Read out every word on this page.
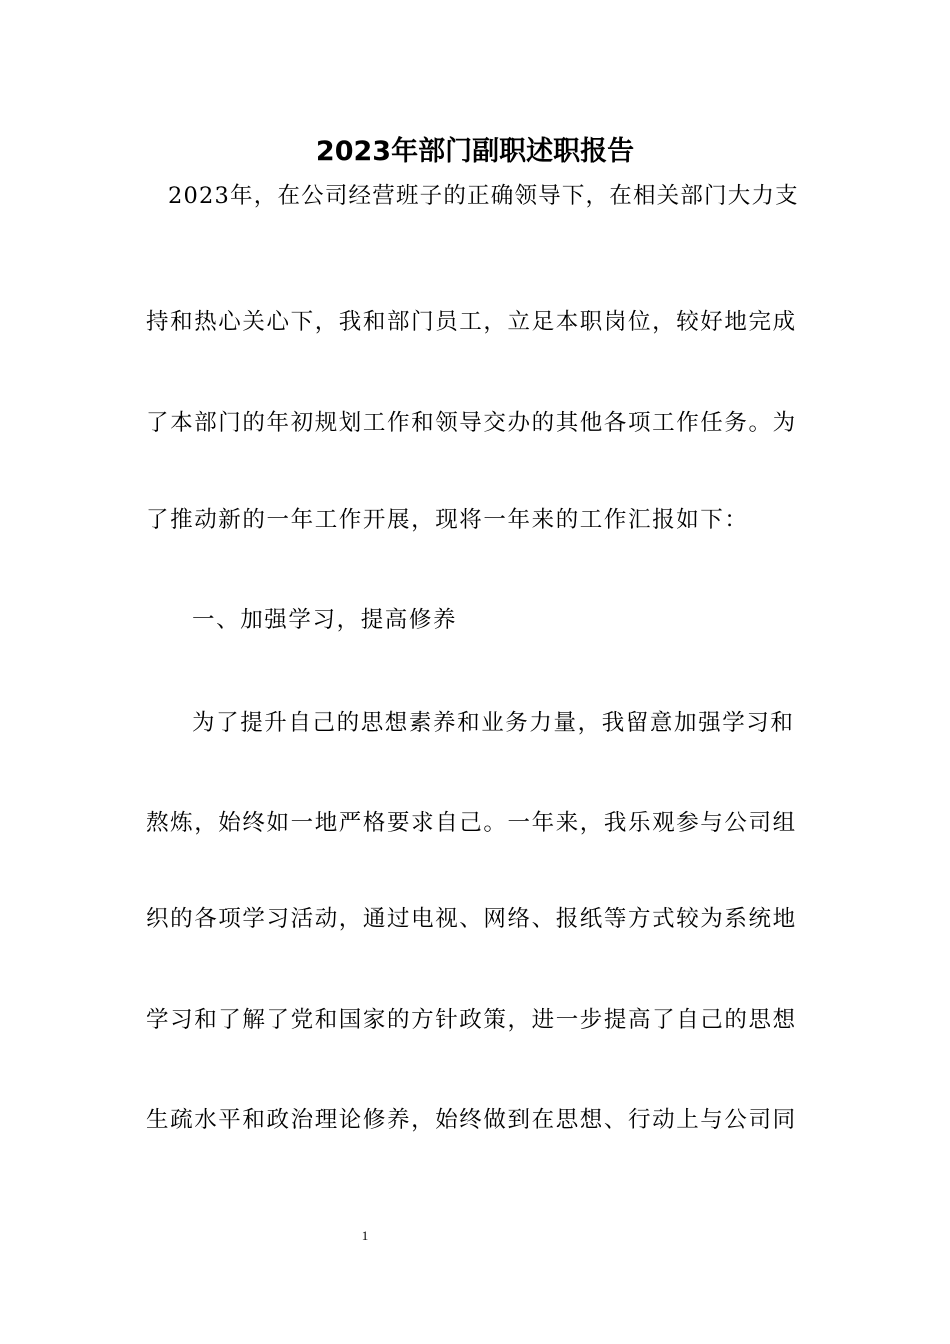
2023年部门副职述职报告

2023年，在公司经营班子的正确领导下，在相关部门大力支

持和热心关心下，我和部门员工，立足本职岗位，较好地完成

了本部门的年初规划工作和领导交办的其他各项工作任务。为

了推动新的一年工作开展，现将一年来的工作汇报如下：

一、加强学习，提高修养

为了提升自己的思想素养和业务力量，我留意加强学习和

熬炼，始终如一地严格要求自己。一年来，我乐观参与公司组

织的各项学习活动，通过电视、网络、报纸等方式较为系统地

学习和了解了党和国家的方针政策，进一步提高了自己的思想

生疏水平和政治理论修养，始终做到在思想、行动上与公司同

1
